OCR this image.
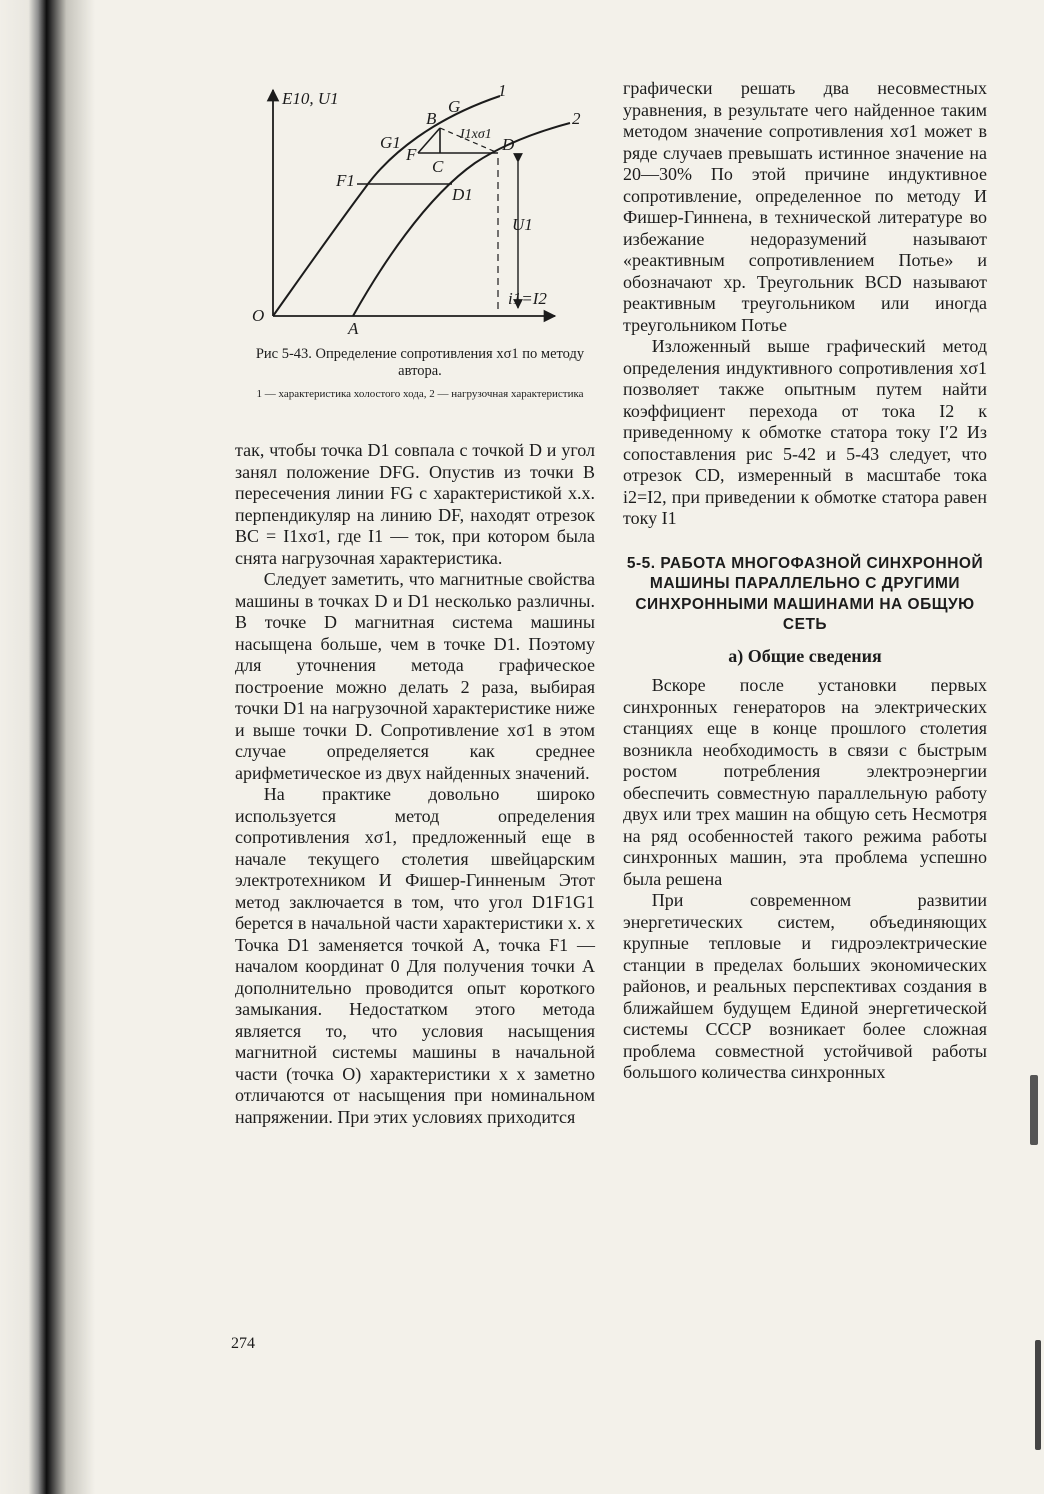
E10, U1
O
A
1
2
B
G
G1
F
C
D
F1
D1
U1
i1=I2
I1xσ1
Рис 5-43. Определение сопротивления xσ1 по методу автора.
1 — характеристика холостого хода, 2 — нагрузочная характеристика

так, чтобы точка D1 совпала с точкой D и угол занял положение DFG. Опустив из точки B пересечения линии FG с характеристикой х.х. перпендикуляр на линию DF, находят отрезок BC = I1xσ1, где I1 — ток, при котором была снята нагрузочная характеристика.

Следует заметить, что магнитные свойства машины в точках D и D1 несколько различны. В точке D магнитная система машины насыщена больше, чем в точке D1. Поэтому для уточнения метода графическое построение можно делать 2 раза, выбирая точки D1 на нагрузочной характеристике ниже и выше точки D. Сопротивление xσ1 в этом случае определяется как среднее арифметическое из двух найденных значений.

На практике довольно широко используется метод определения сопротивления xσ1, предложенный еще в начале текущего столетия швейцарским электротехником И Фишер-Гинненым Этот метод заключается в том, что угол D1F1G1 берется в начальной части характеристики х. х Точка D1 заменяется точкой A, точка F1 — началом координат 0 Для получения точки A дополнительно проводится опыт короткого замыкания. Недостатком этого метода является то, что условия насыщения магнитной системы машины в начальной части (точка O) характеристики х х заметно отличаются от насыщения при номинальном напряжении. При этих условиях приходится

графически решать два несовместных уравнения, в результате чего найденное таким методом значение сопротивления xσ1 может в ряде случаев превышать истинное значение на 20—30% По этой причине индуктивное сопротивление, определенное по методу И Фишер-Гиннена, в технической литературе во избежание недоразумений называют «реактивным сопротивлением Потье» и обозначают xp. Треугольник BCD называют реактивным треугольником или иногда треугольником Потье

Изложенный выше графический метод определения индуктивного сопротивления xσ1 позволяет также опытным путем найти коэффициент перехода от тока I2 к приведенному к обмотке статора току I′2 Из сопоставления рис 5-42 и 5-43 следует, что отрезок CD, измеренный в масштабе тока i2=I2, при приведении к обмотке статора равен току I1

5-5. РАБОТА МНОГОФАЗНОЙ СИНХРОННОЙ МАШИНЫ ПАРАЛЛЕЛЬНО С ДРУГИМИ СИНХРОННЫМИ МАШИНАМИ НА ОБЩУЮ СЕТЬ
а) Общие сведения

Вскоре после установки первых синхронных генераторов на электрических станциях еще в конце прошлого столетия возникла необходимость в связи с быстрым ростом потребления электроэнергии обеспечить совместную параллельную работу двух или трех машин на общую сеть Несмотря на ряд особенностей такого режима работы синхронных машин, эта проблема успешно была решена

При современном развитии энергетических систем, объединяющих крупные тепловые и гидроэлектрические станции в пределах больших экономических районов, и реальных перспективах создания в ближайшем будущем Единой энергетической системы СССР возникает более сложная проблема совместной устойчивой работы большого количества синхронных

274
